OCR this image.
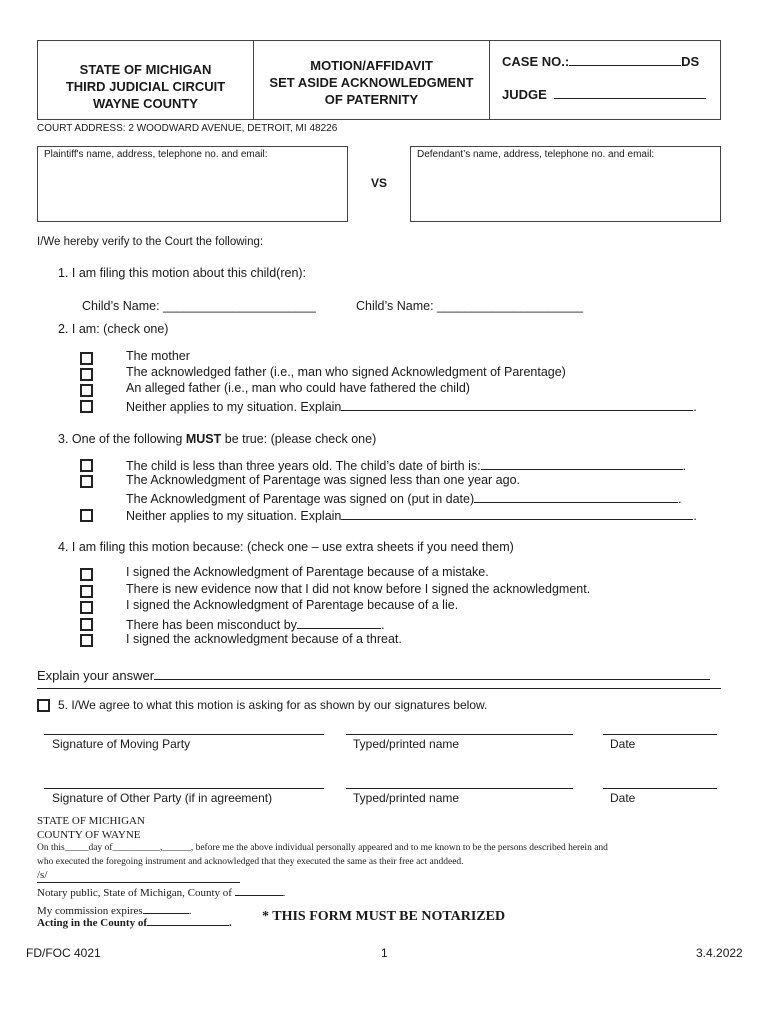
STATE OF MICHIGAN
THIRD JUDICIAL CIRCUIT
WAYNE COUNTY
MOTION/AFFIDAVIT
SET ASIDE ACKNOWLEDGMENT
OF PATERNITY
CASE NO.:	DS
JUDGE
COURT ADDRESS: 2 WOODWARD AVENUE, DETROIT, MI 48226
Plaintiff's name, address, telephone no. and email:
VS
Defendant’s name, address, telephone no. and email:
I/We hereby verify to the Court the following:
1. I am filing this motion about this child(ren):
Child’s Name: ______________________	Child’s Name: _____________________
2. I am: (check one)
The mother
The acknowledged father (i.e., man who signed Acknowledgment of Parentage)
An alleged father (i.e., man who could have fathered the child)
Neither applies to my situation. Explain	.
3. One of the following MUST be true: (please check one)
The child is less than three years old. The child’s date of birth is:	.
The Acknowledgment of Parentage was signed less than one year ago.
The Acknowledgment of Parentage was signed on (put in date)	.
Neither applies to my situation. Explain	.
4. I am filing this motion because: (check one – use extra sheets if you need them)
I signed the Acknowledgment of Parentage because of a mistake.
There is new evidence now that I did not know before I signed the acknowledgment.
I signed the Acknowledgment of Parentage because of a lie.
There has been misconduct by	.
I signed the acknowledgment because of a threat.
Explain your answer
5. I/We agree to what this motion is asking for as shown by our signatures below.
Signature of Moving Party	Typed/printed name	Date
Signature of Other Party (if in agreement)	Typed/printed name	Date
STATE OF MICHIGAN
COUNTY OF WAYNE
On this_____day of__________,______, before me the above individual personally appeared and to me known to be the persons described herein and
who executed the foregoing instrument and acknowledged that they executed the same as their free act anddeed.
/s/
Notary public, State of Michigan, County of	.
My commission expires	.
Acting in the County of	. * THIS FORM MUST BE NOTARIZED
FD/FOC 4021	1	3.4.2022
